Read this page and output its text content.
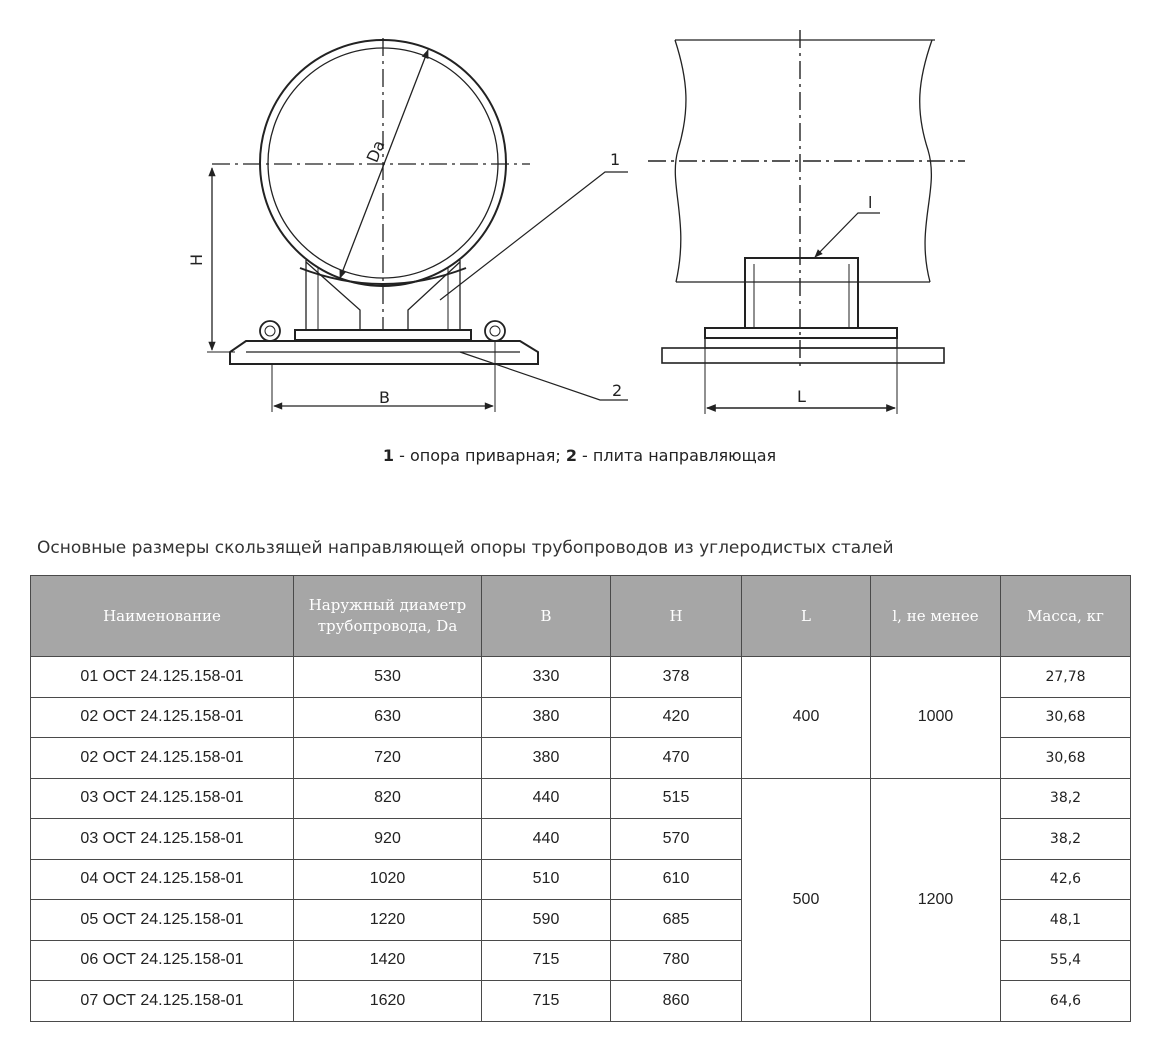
Da
H
B
1
2
l
L
1 - опора приварная; 2 - плита направляющая
Основные размеры скользящей направляющей опоры трубопроводов из углеродистых сталей
Наименование	Наружный диаметр трубопровода, Da	B	H	L	l, не менее	Масса, кг
01 ОСТ 24.125.158-01	530	330	378	400	1000	27,78
02 ОСТ 24.125.158-01	630	380	420			30,68
02 ОСТ 24.125.158-01	720	380	470			30,68
03 ОСТ 24.125.158-01	820	440	515	500	1200	38,2
03 ОСТ 24.125.158-01	920	440	570			38,2
04 ОСТ 24.125.158-01	1020	510	610			42,6
05 ОСТ 24.125.158-01	1220	590	685			48,1
06 ОСТ 24.125.158-01	1420	715	780			55,4
07 ОСТ 24.125.158-01	1620	715	860			64,6
